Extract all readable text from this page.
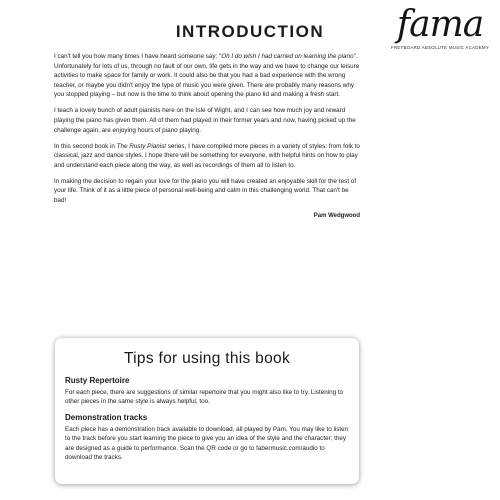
fama
FRETBOARD ABSOLUTE MUSIC ACADEMY
INTRODUCTION

I can't tell you how many times I have heard someone say: "Oh I do wish I had carried on learning the piano". Unfortunately for lots of us, through no fault of our own, life gets in the way and we have to change our leisure activities to make space for family or work. It could also be that you had a bad experience with the wrong teacher, or maybe you didn't enjoy the type of music you were given. There are probably many reasons why you stopped playing – but now is the time to think about opening the piano lid and making a fresh start.

I teach a lovely bunch of adult pianists here on the Isle of Wight, and I can see how much joy and reward playing the piano has given them. All of them had played in their former years and now, having picked up the challenge again, are enjoying hours of piano playing.

In this second book in The Rusty Pianist series, I have compiled more pieces in a variety of styles: from folk to classical, jazz and dance styles. I hope there will be something for everyone, with helpful hints on how to play and understand each piece along the way, as well as recordings of them all to listen to.

In making the decision to regain your love for the piano you will have created an enjoyable skill for the rest of your life. Think of it as a little piece of personal well-being and calm in this challenging world. That can't be bad!

Pam Wedgwood
Tips for using this book
Rusty Repertoire

For each piece, there are suggestions of similar repertoire that you might also like to try. Listening to other pieces in the same style is always helpful, too.

Demonstration tracks

Each piece has a demonstration track available to download, all played by Pam. You may like to listen to the track before you start learning the piece to give you an idea of the style and the character; they are designed as a guide to performance. Scan the QR code or go to fabermusic.com/audio to download the tracks.
